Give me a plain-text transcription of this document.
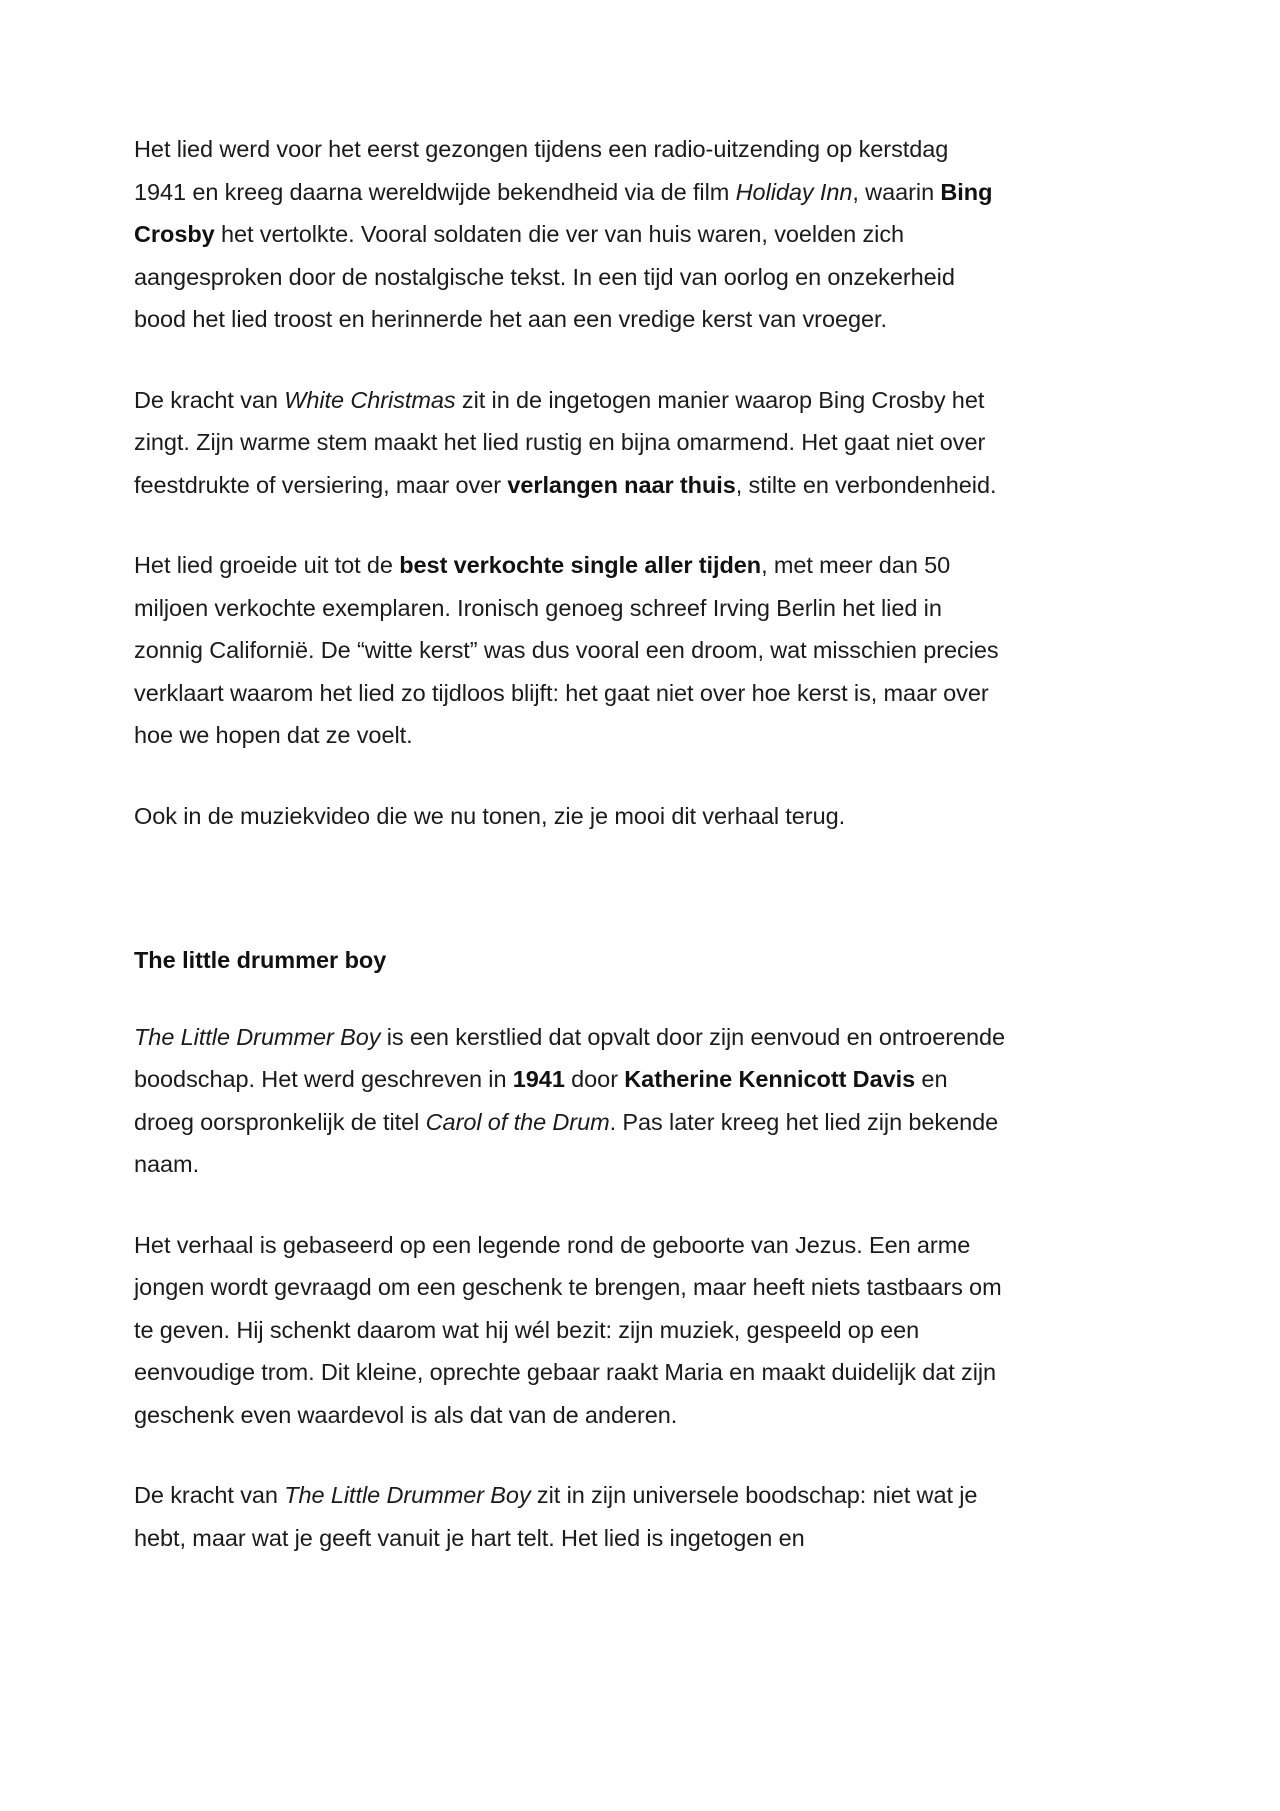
Het lied werd voor het eerst gezongen tijdens een radio-uitzending op kerstdag 1941 en kreeg daarna wereldwijde bekendheid via de film Holiday Inn, waarin Bing Crosby het vertolkte. Vooral soldaten die ver van huis waren, voelden zich aangesproken door de nostalgische tekst. In een tijd van oorlog en onzekerheid bood het lied troost en herinnerde het aan een vredige kerst van vroeger.

De kracht van White Christmas zit in de ingetogen manier waarop Bing Crosby het zingt. Zijn warme stem maakt het lied rustig en bijna omarmend. Het gaat niet over feestdrukte of versiering, maar over verlangen naar thuis, stilte en verbondenheid.

Het lied groeide uit tot de best verkochte single aller tijden, met meer dan 50 miljoen verkochte exemplaren. Ironisch genoeg schreef Irving Berlin het lied in zonnig Californië. De “witte kerst” was dus vooral een droom, wat misschien precies verklaart waarom het lied zo tijdloos blijft: het gaat niet over hoe kerst is, maar over hoe we hopen dat ze voelt.

Ook in de muziekvideo die we nu tonen, zie je mooi dit verhaal terug.

The little drummer boy

The Little Drummer Boy is een kerstlied dat opvalt door zijn eenvoud en ontroerende boodschap. Het werd geschreven in 1941 door Katherine Kennicott Davis en droeg oorspronkelijk de titel Carol of the Drum. Pas later kreeg het lied zijn bekende naam.

Het verhaal is gebaseerd op een legende rond de geboorte van Jezus. Een arme jongen wordt gevraagd om een geschenk te brengen, maar heeft niets tastbaars om te geven. Hij schenkt daarom wat hij wél bezit: zijn muziek, gespeeld op een eenvoudige trom. Dit kleine, oprechte gebaar raakt Maria en maakt duidelijk dat zijn geschenk even waardevol is als dat van de anderen.

De kracht van The Little Drummer Boy zit in zijn universele boodschap: niet wat je hebt, maar wat je geeft vanuit je hart telt. Het lied is ingetogen en
